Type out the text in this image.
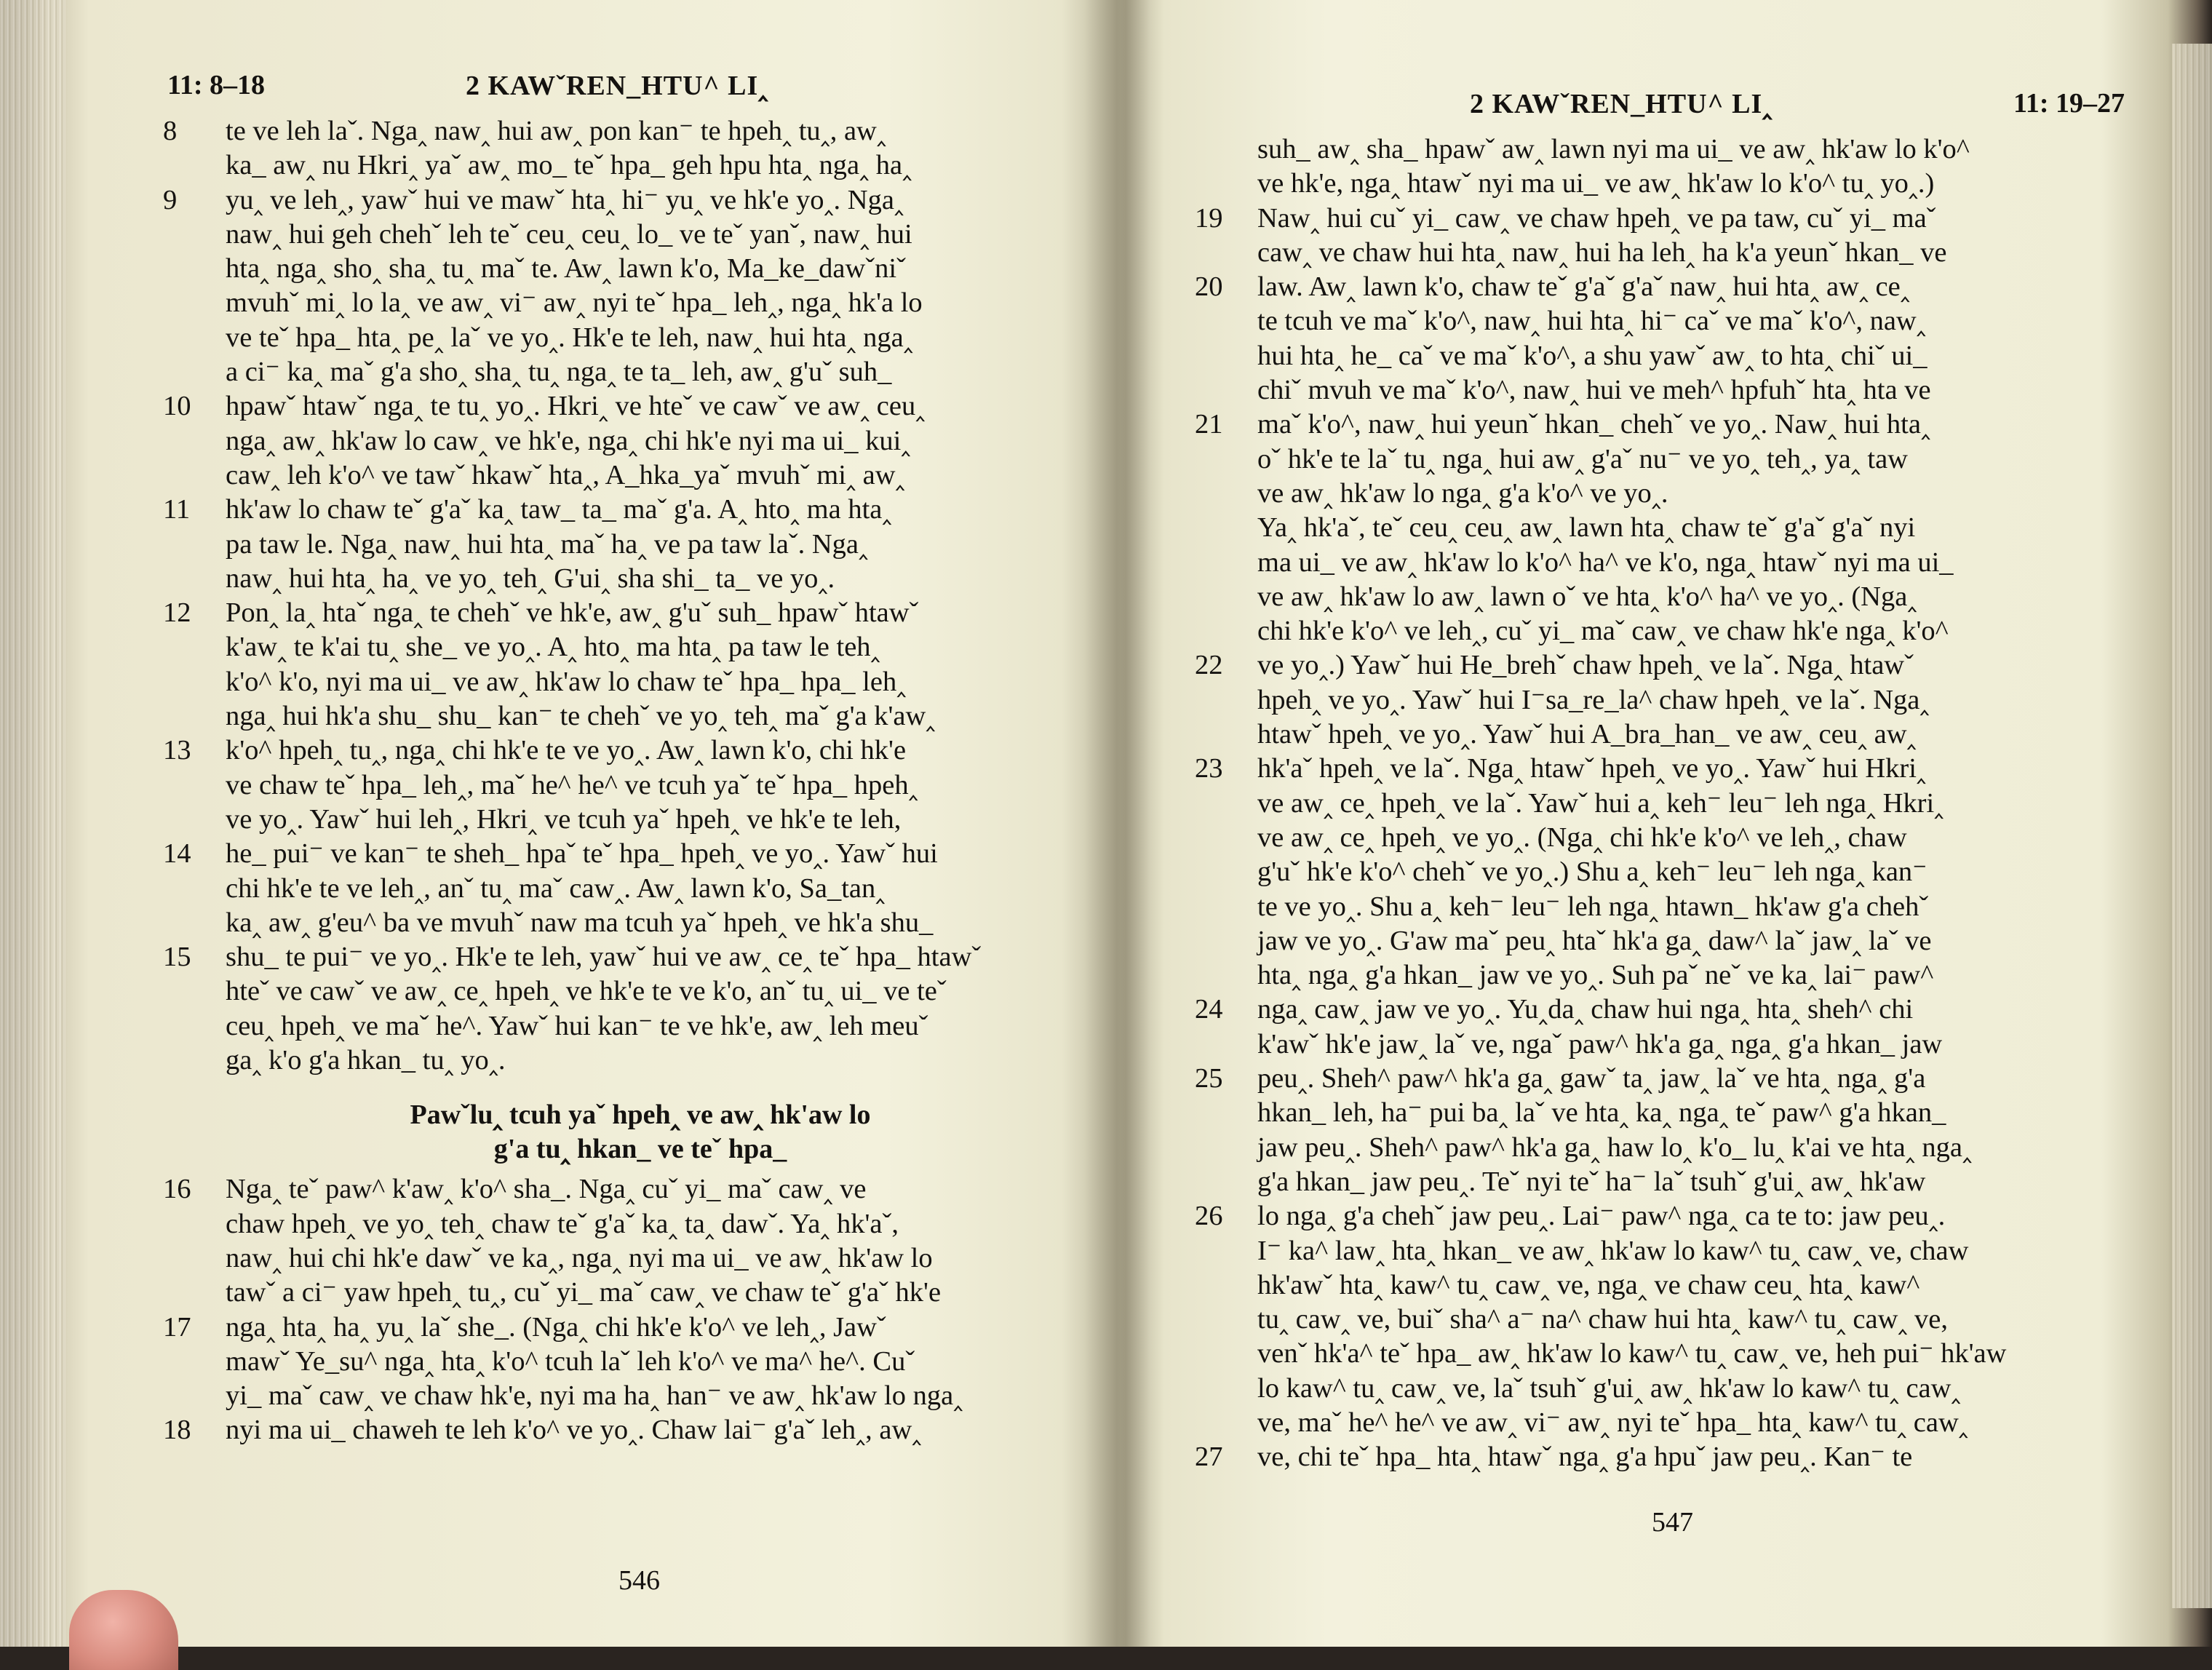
11: 8–18	2 KAWˇREN_HTU^ LI‸
8 te ve leh laˇ. Nga‸ naw‸ hui aw‸ pon kan⁻ te hpeh‸ tu‸, aw‸
ka_ aw‸ nu Hkri‸ yaˇ aw‸ mo_ teˇ hpa_ geh hpu hta‸ nga‸ ha‸
9 yu‸ ve leh‸, yawˇ hui ve mawˇ hta‸ hi⁻ yu‸ ve hk'e yo‸. Nga‸
naw‸ hui geh chehˇ leh teˇ ceu‸ ceu‸ lo_ ve teˇ yanˇ, naw‸ hui
hta‸ nga‸ sho‸ sha‸ tu‸ maˇ te. Aw‸ lawn k'o, Ma_ke_dawˇniˇ
mvuhˇ mi‸ lo la‸ ve aw‸ vi⁻ aw‸ nyi teˇ hpa_ leh‸, nga‸ hk'a lo
ve teˇ hpa_ hta‸ pe‸ laˇ ve yo‸. Hk'e te leh, naw‸ hui hta‸ nga‸
a ci⁻ ka‸ maˇ g'a sho‸ sha‸ tu‸ nga‸ te ta_ leh, aw‸ g'uˇ suh_
10 hpawˇ htawˇ nga‸ te tu‸ yo‸. Hkri‸ ve hteˇ ve cawˇ ve aw‸ ceu‸
nga‸ aw‸ hk'aw lo caw‸ ve hk'e, nga‸ chi hk'e nyi ma ui_ kui‸
caw‸ leh k'o^ ve tawˇ hkawˇ hta‸, A_hka_yaˇ mvuhˇ mi‸ aw‸
11 hk'aw lo chaw teˇ g'aˇ ka‸ taw_ ta_ maˇ g'a. A‸ hto‸ ma hta‸
pa taw le. Nga‸ naw‸ hui hta‸ maˇ ha‸ ve pa taw laˇ. Nga‸
naw‸ hui hta‸ ha‸ ve yo‸ teh‸ G'ui‸ sha shi_ ta_ ve yo‸.
12 Pon‸ la‸ htaˇ nga‸ te chehˇ ve hk'e, aw‸ g'uˇ suh_ hpawˇ htawˇ
k'aw‸ te k'ai tu‸ she_ ve yo‸. A‸ hto‸ ma hta‸ pa taw le teh‸
k'o^ k'o, nyi ma ui_ ve aw‸ hk'aw lo chaw teˇ hpa_ hpa_ leh‸
nga‸ hui hk'a shu_ shu_ kan⁻ te chehˇ ve yo‸ teh‸ maˇ g'a k'aw‸
13 k'o^ hpeh‸ tu‸, nga‸ chi hk'e te ve yo‸. Aw‸ lawn k'o, chi hk'e
ve chaw teˇ hpa_ leh‸, maˇ he^ he^ ve tcuh yaˇ teˇ hpa_ hpeh‸
ve yo‸. Yawˇ hui leh‸, Hkri‸ ve tcuh yaˇ hpeh‸ ve hk'e te leh,
14 he_ pui⁻ ve kan⁻ te sheh_ hpaˇ teˇ hpa_ hpeh‸ ve yo‸. Yawˇ hui
chi hk'e te ve leh‸, anˇ tu‸ maˇ caw‸. Aw‸ lawn k'o, Sa_tan‸
ka‸ aw‸ g'eu^ ba ve mvuhˇ naw ma tcuh yaˇ hpeh‸ ve hk'a shu_
15 shu_ te pui⁻ ve yo‸. Hk'e te leh, yawˇ hui ve aw‸ ce‸ teˇ hpa_ htawˇ
hteˇ ve cawˇ ve aw‸ ce‸ hpeh‸ ve hk'e te ve k'o, anˇ tu‸ ui_ ve teˇ
ceu‸ hpeh‸ ve maˇ he^. Yawˇ hui kan⁻ te ve hk'e, aw‸ leh meuˇ
ga‸ k'o g'a hkan_ tu‸ yo‸.
Pawˇlu‸ tcuh yaˇ hpeh‸ ve aw‸ hk'aw lo
g'a tu‸ hkan_ ve teˇ hpa_
16 Nga‸ teˇ paw^ k'aw‸ k'o^ sha_. Nga‸ cuˇ yi_ maˇ caw‸ ve
chaw hpeh‸ ve yo‸ teh‸ chaw teˇ g'aˇ ka‸ ta‸ dawˇ. Ya‸ hk'aˇ,
naw‸ hui chi hk'e dawˇ ve ka‸, nga‸ nyi ma ui_ ve aw‸ hk'aw lo
tawˇ a ci⁻ yaw hpeh‸ tu‸, cuˇ yi_ maˇ caw‸ ve chaw teˇ g'aˇ hk'e
17 nga‸ hta‸ ha‸ yu‸ laˇ she_. (Nga‸ chi hk'e k'o^ ve leh‸, Jawˇ
mawˇ Ye_su^ nga‸ hta‸ k'o^ tcuh laˇ leh k'o^ ve ma^ he^. Cuˇ
yi_ maˇ caw‸ ve chaw hk'e, nyi ma ha‸ han⁻ ve aw‸ hk'aw lo nga‸
18 nyi ma ui_ chaweh te leh k'o^ ve yo‸. Chaw lai⁻ g'aˇ leh‸, aw‸
546
2 KAWˇREN_HTU^ LI‸	11: 19–27
suh_ aw‸ sha_ hpawˇ aw‸ lawn nyi ma ui_ ve aw‸ hk'aw lo k'o^
ve hk'e, nga‸ htawˇ nyi ma ui_ ve aw‸ hk'aw lo k'o^ tu‸ yo‸.)
19 Naw‸ hui cuˇ yi_ caw‸ ve chaw hpeh‸ ve pa taw, cuˇ yi_ maˇ
caw‸ ve chaw hui hta‸ naw‸ hui ha leh‸ ha k'a yeunˇ hkan_ ve
20 law. Aw‸ lawn k'o, chaw teˇ g'aˇ g'aˇ naw‸ hui hta‸ aw‸ ce‸
te tcuh ve maˇ k'o^, naw‸ hui hta‸ hi⁻ caˇ ve maˇ k'o^, naw‸
hui hta‸ he_ caˇ ve maˇ k'o^, a shu yawˇ aw‸ to hta‸ chiˇ ui_
chiˇ mvuh ve maˇ k'o^, naw‸ hui ve meh^ hpfuhˇ hta‸ hta ve
21 maˇ k'o^, naw‸ hui yeunˇ hkan_ chehˇ ve yo‸. Naw‸ hui hta‸
oˇ hk'e te laˇ tu‸ nga‸ hui aw‸ g'aˇ nu⁻ ve yo‸ teh‸, ya‸ taw
ve aw‸ hk'aw lo nga‸ g'a k'o^ ve yo‸.
Ya‸ hk'aˇ, teˇ ceu‸ ceu‸ aw‸ lawn hta‸ chaw teˇ g'aˇ g'aˇ nyi
ma ui_ ve aw‸ hk'aw lo k'o^ ha^ ve k'o, nga‸ htawˇ nyi ma ui_
ve aw‸ hk'aw lo aw‸ lawn oˇ ve hta‸ k'o^ ha^ ve yo‸. (Nga‸
chi hk'e k'o^ ve leh‸, cuˇ yi_ maˇ caw‸ ve chaw hk'e nga‸ k'o^
22 ve yo‸.) Yawˇ hui He_brehˇ chaw hpeh‸ ve laˇ. Nga‸ htawˇ
hpeh‸ ve yo‸. Yawˇ hui I⁻sa_re_la^ chaw hpeh‸ ve laˇ. Nga‸
htawˇ hpeh‸ ve yo‸. Yawˇ hui A_bra_han_ ve aw‸ ceu‸ aw‸
23 hk'aˇ hpeh‸ ve laˇ. Nga‸ htawˇ hpeh‸ ve yo‸. Yawˇ hui Hkri‸
ve aw‸ ce‸ hpeh‸ ve laˇ. Yawˇ hui a‸ keh⁻ leu⁻ leh nga‸ Hkri‸
ve aw‸ ce‸ hpeh‸ ve yo‸. (Nga‸ chi hk'e k'o^ ve leh‸, chaw
g'uˇ hk'e k'o^ chehˇ ve yo‸.) Shu a‸ keh⁻ leu⁻ leh nga‸ kan⁻
te ve yo‸. Shu a‸ keh⁻ leu⁻ leh nga‸ htawn_ hk'aw g'a chehˇ
jaw ve yo‸. G'aw maˇ peu‸ htaˇ hk'a ga‸ daw^ laˇ jaw‸ laˇ ve
hta‸ nga‸ g'a hkan_ jaw ve yo‸. Suh paˇ neˇ ve ka‸ lai⁻ paw^
24 nga‸ caw‸ jaw ve yo‸. Yu‸da‸ chaw hui nga‸ hta‸ sheh^ chi
k'awˇ hk'e jaw‸ laˇ ve, ngaˇ paw^ hk'a ga‸ nga‸ g'a hkan_ jaw
25 peu‸. Sheh^ paw^ hk'a ga‸ gawˇ ta‸ jaw‸ laˇ ve hta‸ nga‸ g'a
hkan_ leh, ha⁻ pui ba‸ laˇ ve hta‸ ka‸ nga‸ teˇ paw^ g'a hkan_
jaw peu‸. Sheh^ paw^ hk'a ga‸ haw lo‸ k'o_ lu‸ k'ai ve hta‸ nga‸
g'a hkan_ jaw peu‸. Teˇ nyi teˇ ha⁻ laˇ tsuhˇ g'ui‸ aw‸ hk'aw
26 lo nga‸ g'a chehˇ jaw peu‸. Lai⁻ paw^ nga‸ ca te to: jaw peu‸.
I⁻ ka^ law‸ hta‸ hkan_ ve aw‸ hk'aw lo kaw^ tu‸ caw‸ ve, chaw
hk'awˇ hta‸ kaw^ tu‸ caw‸ ve, nga‸ ve chaw ceu‸ hta‸ kaw^
tu‸ caw‸ ve, buiˇ sha^ a⁻ na^ chaw hui hta‸ kaw^ tu‸ caw‸ ve,
venˇ hk'a^ teˇ hpa_ aw‸ hk'aw lo kaw^ tu‸ caw‸ ve, heh pui⁻ hk'aw
lo kaw^ tu‸ caw‸ ve, laˇ tsuhˇ g'ui‸ aw‸ hk'aw lo kaw^ tu‸ caw‸
ve, maˇ he^ he^ ve aw‸ vi⁻ aw‸ nyi teˇ hpa_ hta‸ kaw^ tu‸ caw‸
27 ve, chi teˇ hpa_ hta‸ htawˇ nga‸ g'a hpuˇ jaw peu‸. Kan⁻ te
547
